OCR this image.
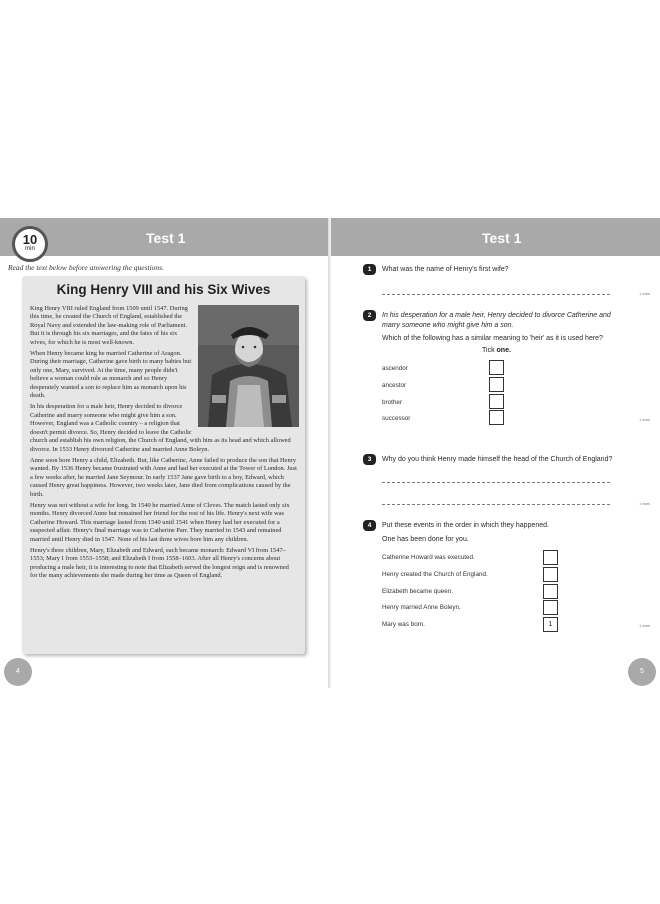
Test 1
10
min
Read the text below before answering the questions.
King Henry VIII and his Six Wives

King Henry VIII ruled England from 1509 until 1547. During this time, he created the Church of England, established the Royal Navy and extended the law-making role of Parliament. But it is through his six marriages, and the fates of his six wives, for which he is most well-known.

When Henry became king he married Catherine of Aragon. During their marriage, Catherine gave birth to many babies but only one, Mary, survived. At the time, many people didn't believe a woman could rule as monarch and so Henry desperately wanted a son to replace him as monarch upon his death.

In his desperation for a male heir, Henry decided to divorce Catherine and marry someone who might give him a son. However, England was a Catholic country – a religion that doesn't permit divorce. So, Henry decided to leave the Catholic church and establish his own religion, the Church of England, with him as its head and which allowed divorce. In 1533 Henry divorced Catherine and married Anne Boleyn.

Anne soon bore Henry a child, Elizabeth. But, like Catherine, Anne failed to produce the son that Henry wanted. By 1536 Henry became frustrated with Anne and had her executed at the Tower of London. Just a few weeks after, he married Jane Seymour. In early 1537 Jane gave birth to a boy, Edward, which caused Henry great happiness. However, two weeks later, Jane died from complications caused by the birth.

Henry was not without a wife for long. In 1540 he married Anne of Cleves. The match lasted only six months. Henry divorced Anne but remained her friend for the rest of his life. Henry's next wife was Catherine Howard. This marriage lasted from 1540 until 1541 when Henry had her executed for a suspected affair. Henry's final marriage was to Catherine Parr. They married in 1543 and remained married until Henry died in 1547. None of his last three wives bore him any children.

Henry's three children, Mary, Elizabeth and Edward, each became monarch: Edward VI from 1547–1553; Mary I from 1553–1558; and Elizabeth I from 1558–1603. After all Henry's concerns about producing a male heir, it is interesting to note that Elizabeth served the longest reign and is renowned for the many achievements she made during her time as Queen of England.

4
Test 1
1	What was the name of Henry's first wife?
1 mark
2	In his desperation for a male heir, Henry decided to divorce Catherine and marry someone who might give him a son.
Which of the following has a similar meaning to 'heir' as it is used here?
Tick one.
ascendor
ancestor
brother
successor	1 mark
3	Why do you think Henry made himself the head of the Church of England?
1 mark
4	Put these events in the order in which they happened.
One has been done for you.
Catherine Howard was executed.
Henry created the Church of England.
Elizabeth became queen.
Henry married Anne Boleyn.
Mary was born.	1	1 mark
5
